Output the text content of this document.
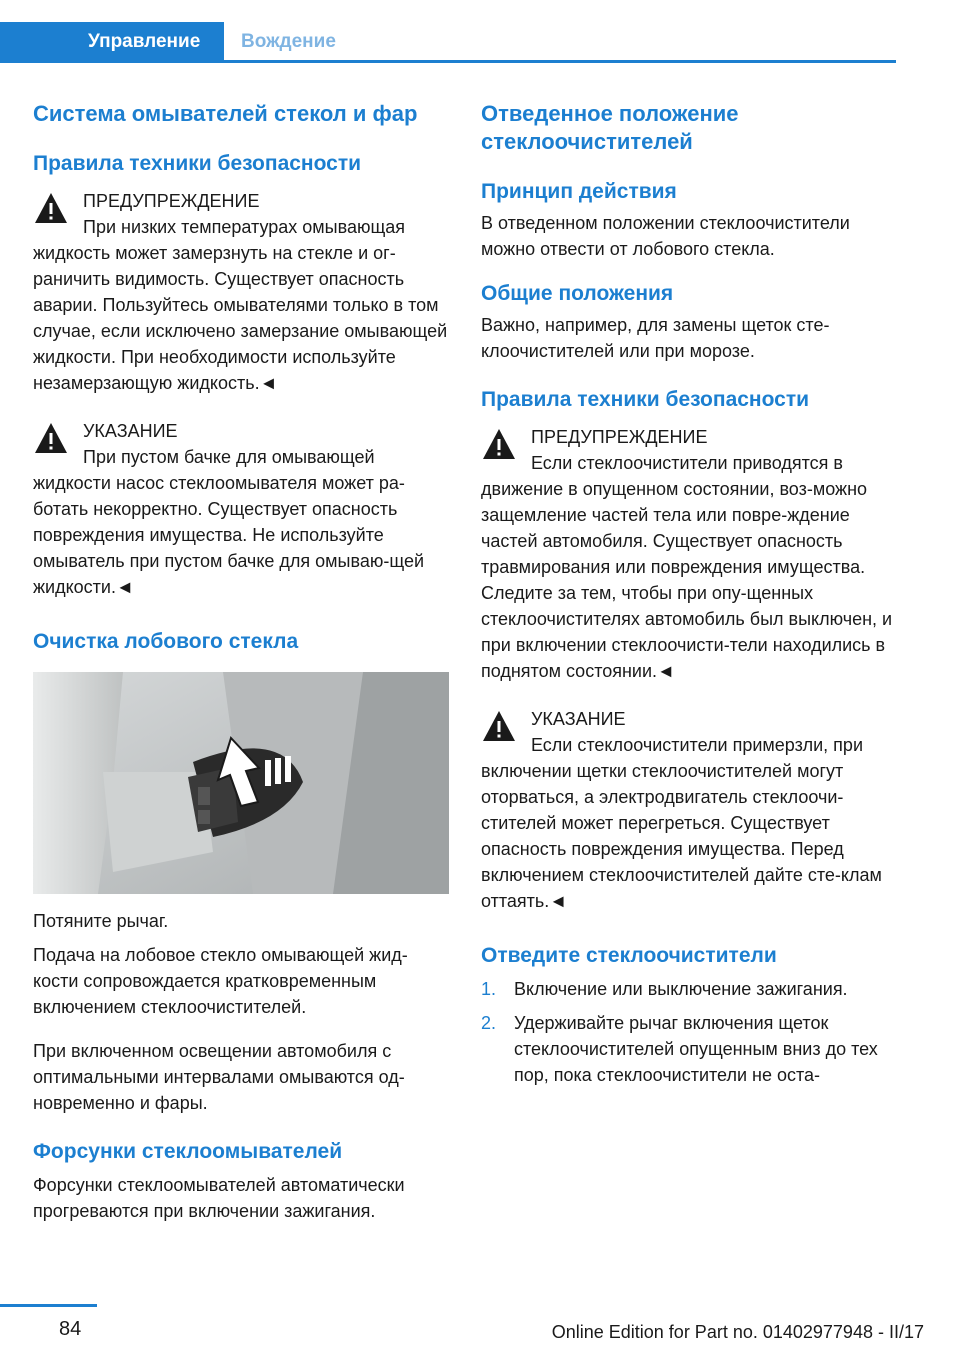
Управление	Вождение
Система омывателей стекол и фар
Правила техники безопасности
ПРЕДУПРЕЖДЕНИЕ
При низких температурах омывающая
жидкость может замерзнуть на стекле и ог‐раничить видимость. Существует опасность аварии. Пользуйтесь омывателями только в том случае, если исключено замерзание омывающей жидкости. При необходимости используйте незамерзающую жидкость.◄
УКАЗАНИЕ
При пустом бачке для омывающей
жидкости насос стеклоомывателя может ра‐ботать некорректно. Существует опасность повреждения имущества. Не используйте омыватель при пустом бачке для омываю‐щей жидкости.◄
Очистка лобового стекла
Потяните рычаг.
Подача на лобовое стекло омывающей жид‐кости сопровождается кратковременным включением стеклоочистителей.
При включенном освещении автомобиля с оптимальными интервалами омываются од‐новременно и фары.
Форсунки стеклоомывателей
Форсунки стеклоомывателей автоматически прогреваются при включении зажигания.
Отведенное положение стеклоочистителей
Принцип действия
В отведенном положении стеклоочистители можно отвести от лобового стекла.
Общие положения
Важно, например, для замены щеток сте‐клоочистителей или при морозе.
Правила техники безопасности
ПРЕДУПРЕЖДЕНИЕ
Если стеклоочистители приводятся в
движение в опущенном состоянии, воз‐можно защемление частей тела или повре‐ждение частей автомобиля. Существует опасность травмирования или повреждения имущества. Следите за тем, чтобы при опу‐щенных стеклоочистителях автомобиль был выключен, и при включении стеклоочисти‐тели находились в поднятом состоянии.◄
УКАЗАНИЕ
Если стеклоочистители примерзли, при
включении щетки стеклоочистителей могут оторваться, а электродвигатель стеклоочи‐стителей может перегреться. Существует опасность повреждения имущества. Перед включением стеклоочистителей дайте сте‐клам оттаять.◄
Отведите стеклоочистители
1. Включение или выключение зажигания.
2. Удерживайте рычаг включения щеток стеклоочистителей опущенным вниз до тех пор, пока стеклоочистители не оста‐
84	Online Edition for Part no. 01402977948 - II/17
